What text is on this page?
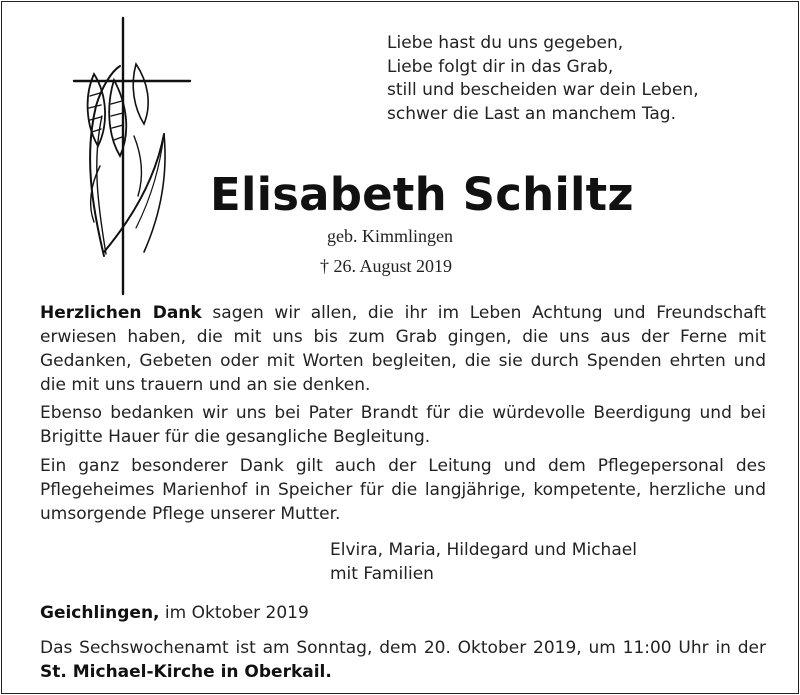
Liebe hast du uns gegeben,
Liebe folgt dir in das Grab,
still und bescheiden war dein Leben,
schwer die Last an manchem Tag.
Elisabeth Schiltz
geb. Kimmlingen
† 26. August 2019
Herzlichen Dank sagen wir allen, die ihr im Leben Achtung und Freundschaft erwiesen haben, die mit uns bis zum Grab gingen, die uns aus der Ferne mit Gedanken, Gebeten oder mit Worten begleiten, die sie durch Spenden ehrten und die mit uns trauern und an sie denken.
Ebenso bedanken wir uns bei Pater Brandt für die würdevolle Beerdigung und bei Brigitte Hauer für die gesangliche Begleitung.
Ein ganz besonderer Dank gilt auch der Leitung und dem Pflegepersonal des Pflegeheimes Marienhof in Speicher für die langjährige, kompetente, herzliche und umsorgende Pflege unserer Mutter.
Elvira, Maria, Hildegard und Michael
mit Familien
Geichlingen, im Oktober 2019
Das Sechswochenamt ist am Sonntag, dem 20. Oktober 2019, um 11:00 Uhr in der St. Michael-Kirche in Oberkail.
